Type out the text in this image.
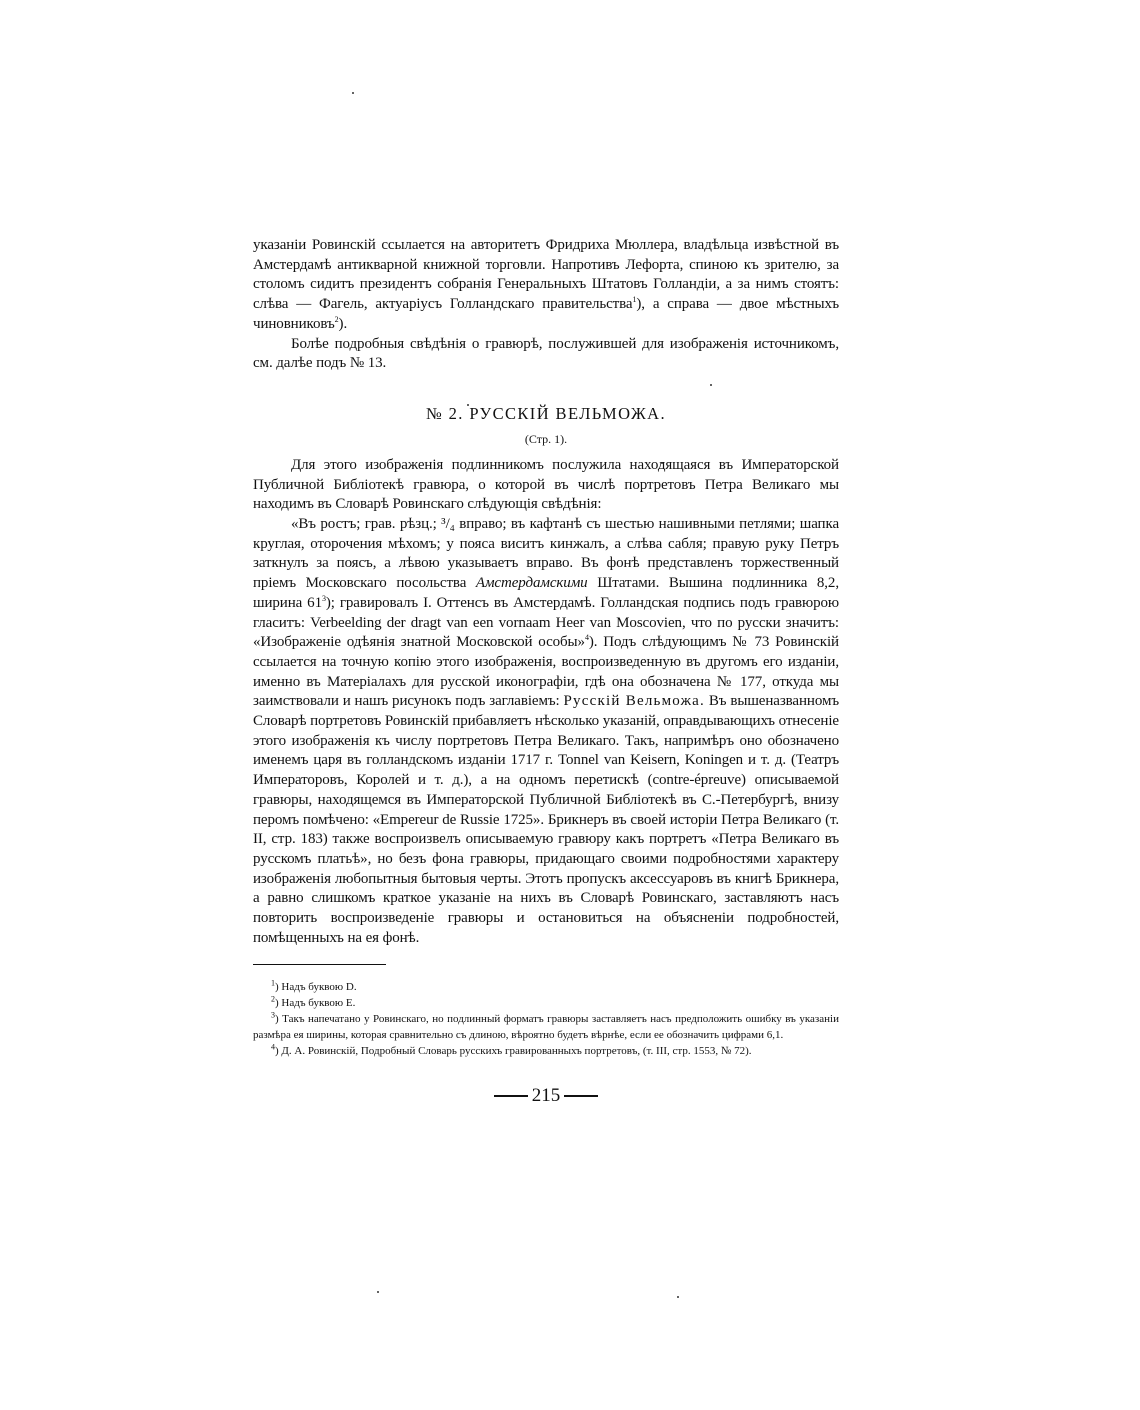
указаніи Ровинскій ссылается на авторитетъ Фридриха Мюллера, владѣльца извѣстной въ Амстердамѣ антикварной книжной торговли. Напротивъ Лефорта, спиною къ зрителю, за столомъ сидитъ президентъ собранія Генеральныхъ Штатовъ Голландіи, а за нимъ стоятъ: слѣва — Фагель, актуаріусъ Голландскаго правительства$^1$), а справа — двое мѣстныхъ чиновниковъ$^2$).

Болѣе подробныя свѣдѣнія о гравюрѣ, послужившей для изображенія источникомъ, см. далѣе подъ № 13.

№ 2. РУССКІЙ ВЕЛЬМОЖА.
(Стр. 1).

Для этого изображенія подлинникомъ послужила находящаяся въ Императорской Публичной Библіотекѣ гравюра, о которой въ числѣ портретовъ Петра Великаго мы находимъ въ Словарѣ Ровинскаго слѣдующія свѣдѣнія:

«Въ ростъ; грав. рѣзц.; ³/₄ вправо; въ кафтанѣ съ шестью нашивными петлями; шапка круглая, оторочения мѣхомъ; у пояса виситъ кинжалъ, а слѣва сабля; правую руку Петръ заткнулъ за поясъ, а лѣвою указываетъ вправо. Въ фонѣ представленъ торжественный пріемъ Московскаго посольства Амстердамскими Штатами. Вышина подлинника 8,2, ширина $61^3$); гравировалъ I. Оттенсъ въ Амстердамѣ. Голландская подпись подъ гравюрою гласитъ: Verbeelding der dragt van een vornaam Heer van Moscovien, что по русски значитъ: «Изображеніе одѣянія знатной Московской особы»$^4$). Подъ слѣдующимъ № 73 Ровинскій ссылается на точную копію этого изображенія, воспроизведенную въ другомъ его изданіи, именно въ Матеріалахъ для русской иконографіи, гдѣ она обозначена № 177, откуда мы заимствовали и нашъ рисунокъ подъ заглавіемъ: Русскій Вельможа. Въ вышеназванномъ Словарѣ портретовъ Ровинскій прибавляетъ нѣсколько указаній, оправдывающихъ отнесеніе этого изображенія къ числу портретовъ Петра Великаго. Такъ, напримѣръ оно обозначено именемъ царя въ голландскомъ изданіи 1717 г. Tonnel van Keisern, Koningen и т. д. (Театръ Императоровъ, Королей и т. д.), а на одномъ перетискѣ (contre-épreuve) описываемой гравюры, находящемся въ Императорской Публичной Библіотекѣ въ С.-Петербургѣ, внизу перомъ помѣчено: «Empereur de Russie 1725». Брикнеръ въ своей исторіи Петра Великаго (т. II, стр. 183) также воспроизвелъ описываемую гравюру какъ портретъ «Петра Великаго въ русскомъ платьѣ», но безъ фона гравюры, придающаго своими подробностями характеру изображенія любопытныя бытовыя черты. Этотъ пропускъ аксессуаровъ въ книгѣ Брикнера, а равно слишкомъ краткое указаніе на нихъ въ Словарѣ Ровинскаго, заставляютъ насъ повторить воспроизведеніе гравюры и остановиться на объясненіи подробностей, помѣщенныхъ на ея фонѣ.

$^1$) Надъ буквою D.

$^2$) Надъ буквою E.

$^3$) Такъ напечатано у Ровинскаго, но подлинный форматъ гравюры заставляетъ насъ предположить ошибку въ указаніи размѣра ея ширины, которая сравнительно съ длиною, вѣроятно будетъ вѣрнѣе, если ее обозначить цифрами 6,1.

$^4$) Д. А. Ровинскій, Подробный Словарь русскихъ гравированныхъ портретовъ, (т. III, стр. 1553, № 72).

215
